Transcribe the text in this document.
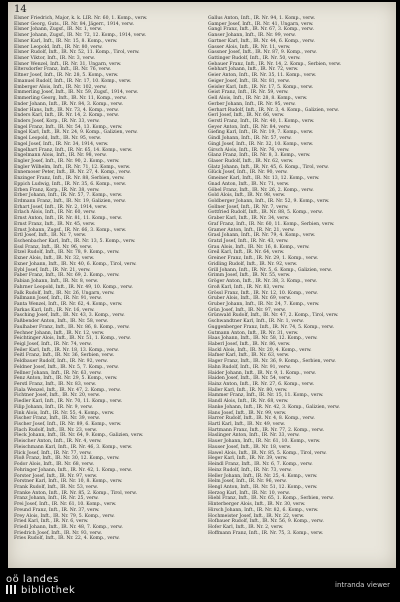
14

Elsner Friedrich, Major, k. k. LIR. Nr. 60, 1. Komp., verw.

Elsner Georg, Guts., IR. Nr. 84, Jägerr., 1914, verw.

Elsner Johann, Zugsf., IR. Nr. 1, verw.

Elsner Johann, Zugsf., IR. Nr. 72, 12. Komp., 1914, verw.

Elsner Karl, Inft., IR. Nr. 15, 8. Komp., verw.

Elsner Leopold, Inft., IR. Nr. 80, verw.

Elsner Rudolf, Inft., IR. Nr. 52, 11. Komp., Tirol, verw.

Elsner Viktor, Inft., IR. Nr. 3, verw.

Elsner Wenzel, Inft., IR. Nr. 31, Ungarn, verw.

Eltersdorfer Franz, Inft., IR. Nr. 76, verw.

Eltner Josef, Inft., IR. Nr. 28, 5. Komp., verw.

Emanuel Rudolf, Inft., IR. Nr. 17, 10. Komp., verw.

Emberger Alois, Inft., IR. Nr. 102, verw.

Emmerling Josef, Inft., IR. Nr. 59, Zugsf., 1914, verw.

Emmerling Georg, Inft., IR. Nr. 11, Komp., verw.

Ender Johann, Inft., IR. Nr. 84, 3. Komp., verw.

Ender Hans, Inft., IR. Nr. 73, 4. Komp., verw.

Enders Karl, Inft., IR. Nr. 14, 2. Komp., verw.

Enders Josef, Korp., IR. Nr. 33, verw.

Engel Franz, Inft., IR. Nr. 54, 13. Komp., verw.

Engel Karl, Inft., IR. Nr. 24, 9. Komp., Galizien, verw.

Engel Leopold, Inft., IR. Nr. 95, verw.

Engel Josef, Inft., IR. Nr. 34, 1914, verw.

Engelhart Franz, Inft., IR. Nr. 65, 14. Komp., verw.

Engelmann Alois, Inft., IR. Nr. 98, verw.

Engler Josef, Inft., IR. Nr. 90, 2. Komp., verw.

Engler Wilhelm, Inft., IR. Nr. 71, 12. Komp., verw.

Ennemoser Peter, Inft., IR. Nr. 27, 4. Komp., verw.

Enzinger Franz, Inft., IR. Nr. 88, Serbien, verw.

Eppich Ludwig, Inft., IR. Nr. 35, 6. Komp., verw.

Erben Franz, Korp., IR. Nr. 38, verw.

Erber Johann, Inft., IR. Nr. 57, 7. Komp., verw.

Erdmann Franz, Inft., IR. Nr. 19, Galizien, verw.

Erhart Josef, Inft., IR. Nr. 2, 1914, verw.

Erlach Alois, Inft., IR. Nr. 60, verw.

Ernst Anton, Inft., IR. Nr. 81, 11. Komp., verw.

Ernst Franz, Inft., IR. Nr. 45, verw.

Ernst Johann, Zugsf., IR. Nr. 66, 3. Komp., verw.

Ertl Josef, Inft., IR. Nr. 7, verw.

Eschenbacher Karl, Inft., IR. Nr. 13, 5. Komp., verw.

Essl Franz, Inft., IR. Nr. 96, verw.

Etzel Rudolf, Inft., IR. Nr. 78, 9. Komp., verw.

Exner Alois, Inft., IR. Nr. 32, verw.

Exner Johann, Inft., IR. Nr. 40, 6. Komp., Tirol, verw.

Eybl Josef, Inft., IR. Nr. 21, verw.

Faber Franz, Inft., IR. Nr. 69, 2. Komp., verw.

Fabian Johann, Inft., IR. Nr. 8, verw.

Fahrner Leopold, Inft., IR. Nr. 49, 10. Komp., verw.

Falk Rudolf, Inft., IR. Nr. 26, Ungarn, verw.

Fallmann Josef, Inft., IR. Nr. 91, verw.

Fanta Wenzel, Inft., IR. Nr. 62, 4. Komp., verw.

Farkas Karl, Inft., IR. Nr. 16, verw.

Fasching Josef, Inft., IR. Nr. 43, 3. Komp., verw.

Faßbender Anton, Inft., IR. Nr. 58, verw.

Faulhaber Franz, Inft., IR. Nr. 86, 8. Komp., verw.

Fechner Johann, Inft., IR. Nr. 12, verw.

Feichtinger Alois, Inft., IR. Nr. 51, 1. Komp., verw.

Feigl Josef, Inft., IR. Nr. 74, verw.

Feiler Karl, Inft., IR. Nr. 18, 13. Komp., verw.

Feitl Franz, Inft., IR. Nr. 36, Serbien, verw.

Feldbauer Rudolf, Inft., IR. Nr. 92, verw.

Feldner Josef, Inft., IR. Nr. 5, 7. Komp., verw.

Fellner Johann, Inft., IR. Nr. 63, verw.

Fenz Anton, Inft., IR. Nr. 29, 5. Komp., verw.

Ferstl Franz, Inft., IR. Nr. 83, verw.

Fiala Wenzel, Inft., IR. Nr. 47, 2. Komp., verw.

Fichtner Josef, Inft., IR. Nr. 20, verw.

Fiedler Karl, Inft., IR. Nr. 70, 11. Komp., verw.

Filip Johann, Inft., IR. Nr. 9, verw.

Fink Alois, Inft., IR. Nr. 55, 4. Komp., verw.

Fischer Franz, Inft., IR. Nr. 39, verw.

Fischer Josef, Inft., IR. Nr. 89, 6. Komp., verw.

Flach Rudolf, Inft., IR. Nr. 23, verw.

Fleck Johann, Inft., IR. Nr. 64, 9. Komp., Galizien, verw.

Fleischer Anton, Inft., IR. Nr. 4, verw.

Fleischmann Karl, Inft., IR. Nr. 46, 3. Komp., verw.

Flick Josef, Inft., IR. Nr. 77, verw.

Floß Franz, Inft., IR. Nr. 30, 12. Komp., verw.

Fodor Alois, Inft., IR. Nr. 68, verw.

Fohringer Johann, Inft., IR. Nr. 42, 1. Komp., verw.

Forster Josef, Inft., IR. Nr. 97, verw.

Forstner Karl, Inft., IR. Nr. 10, 8. Komp., verw.

Frank Rudolf, Inft., IR. Nr. 53, verw.

Franke Anton, Inft., IR. Nr. 85, 2. Komp., Tirol, verw.

Franz Johann, Inft., IR. Nr. 25, verw.

Frei Josef, Inft., IR. Nr. 61, 10. Komp., verw.

Freund Franz, Inft., IR. Nr. 37, verw.

Frey Alois, Inft., IR. Nr. 79, 5. Komp., verw.

Fried Karl, Inft., IR. Nr. 6, verw.

Friedl Johann, Inft., IR. Nr. 48, 7. Komp., verw.

Friedrich Josef, Inft., IR. Nr. 93, verw.

Fries Rudolf, Inft., IR. Nr. 22, 4. Komp., verw.

Gallus Anton, Inft., IR. Nr. 94, 1. Komp., verw.

Gamper Josef, Inft., IR. Nr. 41, Ungarn, verw.

Gangl Franz, Inft., IR. Nr. 67, 3. Komp., verw.

Ganser Johann, Inft., IR. Nr. 99, verw.

Gartner Karl, Inft., IR. Nr. 44, 6. Komp., verw.

Gasser Alois, Inft., IR. Nr. 11, verw.

Gassner Josef, Inft., IR. Nr. 87, 9. Komp., verw.

Gattinger Rudolf, Inft., IR. Nr. 50, verw.

Gebauer Franz, Inft., IR. Nr. 14, 2. Komp., Serbien, verw.

Gebhart Johann, Inft., IR. Nr. 72, verw.

Geier Anton, Inft., IR. Nr. 35, 11. Komp., verw.

Geiger Josef, Inft., IR. Nr. 81, verw.

Geisler Karl, Inft., IR. Nr. 17, 5. Komp., verw.

Geist Franz, Inft., IR. Nr. 59, verw.

Gell Alois, Inft., IR. Nr. 28, 8. Komp., verw.

Gerber Johann, Inft., IR. Nr. 95, verw.

Gerhart Rudolf, Inft., IR. Nr. 3, 4. Komp., Galizien, verw.

Gerl Josef, Inft., IR. Nr. 66, verw.

Gerstl Franz, Inft., IR. Nr. 40, 1. Komp., verw.

Geyer Anton, Inft., IR. Nr. 84, verw.

Giefing Karl, Inft., IR. Nr. 19, 7. Komp., verw.

Gindl Johann, Inft., IR. Nr. 57, verw.

Gingl Josef, Inft., IR. Nr. 32, 10. Komp., verw.

Girsch Alois, Inft., IR. Nr. 76, verw.

Glanz Franz, Inft., IR. Nr. 8, 3. Komp., verw.

Glaser Rudolf, Inft., IR. Nr. 62, verw.

Glatz Johann, Inft., IR. Nr. 45, 6. Komp., Tirol, verw.

Glück Josef, Inft., IR. Nr. 90, verw.

Gmeiner Karl, Inft., IR. Nr. 13, 12. Komp., verw.

Gnad Anton, Inft., IR. Nr. 71, verw.

Göbel Franz, Inft., IR. Nr. 26, 2. Komp., verw.

Gold Alois, Inft., IR. Nr. 98, verw.

Goldberger Johann, Inft., IR. Nr. 52, 9. Komp., verw.

Gollner Josef, Inft., IR. Nr. 7, verw.

Gottfried Rudolf, Inft., IR. Nr. 88, 5. Komp., verw.

Graber Karl, Inft., IR. Nr. 34, verw.

Graf Franz, Inft., IR. Nr. 60, 11. Komp., Serbien, verw.

Gramer Anton, Inft., IR. Nr. 21, verw.

Grasl Johann, Inft., IR. Nr. 79, 4. Komp., verw.

Gratzl Josef, Inft., IR. Nr. 43, verw.

Grau Alois, Inft., IR. Nr. 16, 8. Komp., verw.

Greil Karl, Inft., IR. Nr. 64, verw.

Greiner Franz, Inft., IR. Nr. 29, 1. Komp., verw.

Gridling Rudolf, Inft., IR. Nr. 92, verw.

Grill Johann, Inft., IR. Nr. 5, 6. Komp., Galizien, verw.

Grimm Josef, Inft., IR. Nr. 55, verw.

Gröger Anton, Inft., IR. Nr. 38, 3. Komp., verw.

Groß Karl, Inft., IR. Nr. 83, verw.

Grössl Franz, Inft., IR. Nr. 12, 10. Komp., verw.

Gruber Alois, Inft., IR. Nr. 69, verw.

Gruber Johann, Inft., IR. Nr. 24, 7. Komp., verw.

Grün Josef, Inft., IR. Nr. 97, verw.

Grünwald Rudolf, Inft., IR. Nr. 47, 2. Komp., Tirol, verw.

Gschwandtner Karl, Inft., IR. Nr. 1, verw.

Guggenberger Franz, Inft., IR. Nr. 74, 5. Komp., verw.

Gutmann Anton, Inft., IR. Nr. 31, verw.

Haas Johann, Inft., IR. Nr. 58, 12. Komp., verw.

Haberl Josef, Inft., IR. Nr. 86, verw.

Hackl Alois, Inft., IR. Nr. 20, 4. Komp., verw.

Hafner Karl, Inft., IR. Nr. 63, verw.

Hager Franz, Inft., IR. Nr. 36, 9. Komp., Serbien, verw.

Hahn Rudolf, Inft., IR. Nr. 91, verw.

Haider Johann, Inft., IR. Nr. 9, 1. Komp., verw.

Haiden Josef, Inft., IR. Nr. 54, verw.

Hainz Anton, Inft., IR. Nr. 27, 6. Komp., verw.

Haller Karl, Inft., IR. Nr. 80, verw.

Hammer Franz, Inft., IR. Nr. 15, 11. Komp., verw.

Handl Alois, Inft., IR. Nr. 68, verw.

Hanke Johann, Inft., IR. Nr. 42, 3. Komp., Galizien, verw.

Hans Josef, Inft., IR. Nr. 99, verw.

Harrer Rudolf, Inft., IR. Nr. 4, 8. Komp., verw.

Hartl Karl, Inft., IR. Nr. 49, verw.

Hartmann Franz, Inft., IR. Nr. 77, 2. Komp., verw.

Haslinger Anton, Inft., IR. Nr. 33, verw.

Hauer Johann, Inft., IR. Nr. 61, 10. Komp., verw.

Hauser Josef, Inft., IR. Nr. 18, verw.

Hawel Alois, Inft., IR. Nr. 85, 5. Komp., Tirol, verw.

Heger Karl, Inft., IR. Nr. 39, verw.

Heindl Franz, Inft., IR. Nr. 6, 7. Komp., verw.

Heinz Rudolf, Inft., IR. Nr. 73, verw.

Heller Johann, Inft., IR. Nr. 25, 4. Komp., verw.

Helm Josef, Inft., IR. Nr. 96, verw.

Hengl Anton, Inft., IR. Nr. 51, 12. Komp., verw.

Herzog Karl, Inft., IR. Nr. 10, verw.

Hiebl Franz, Inft., IR. Nr. 65, 1. Komp., Serbien, verw.

Hinterberger Alois, Inft., IR. Nr. 30, verw.

Hirsch Johann, Inft., IR. Nr. 82, 6. Komp., verw.

Hochmeister Josef, Inft., IR. Nr. 22, verw.

Hofbauer Rudolf, Inft., IR. Nr. 56, 9. Komp., verw.

Hofer Karl, Inft., IR. Nr. 2, verw.

Hoffmann Franz, Inft., IR. Nr. 75, 3. Komp., verw.

oö landes
bibliothek	intranda viewer
